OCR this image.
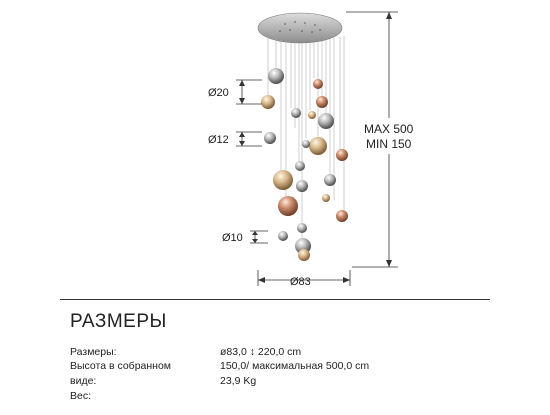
Ø20
Ø12
Ø10
Ø83
MAX 500
MIN 150
РАЗМЕРЫ
Размеры:
Высота в собранном
виде:
Вес:
ø83,0 ↕ 220,0 cm
150,0/ максимальная 500,0 cm
23,9 Kg
